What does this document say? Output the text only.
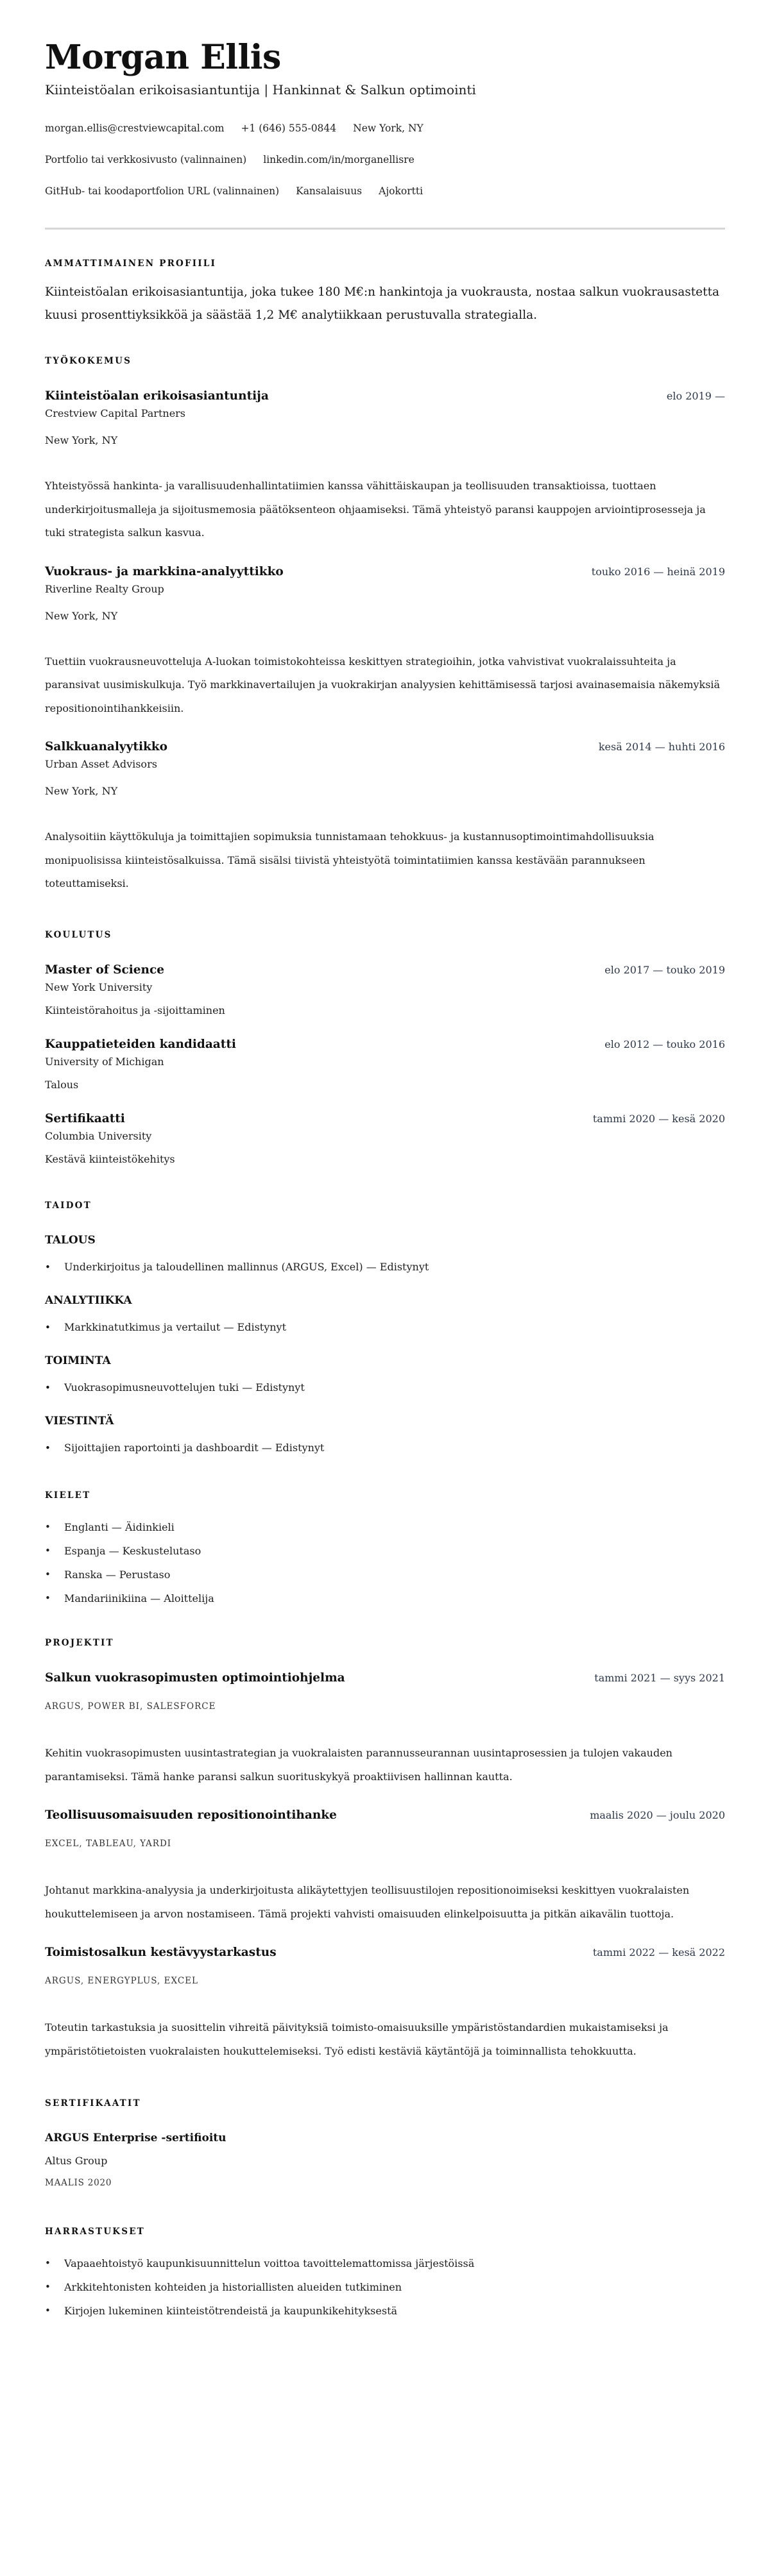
Morgan Ellis
Kiinteistöalan erikoisasiantuntija | Hankinnat & Salkun optimointi
morgan.ellis@crestviewcapital.com +1 (646) 555-0844 New York, NY
Portfolio tai verkkosivusto (valinnainen) linkedin.com/in/morganellisre
GitHub- tai koodaportfolion URL (valinnainen) Kansalaisuus Ajokortti
AMMATTIMAINEN PROFIILI

Kiinteistöalan erikoisasiantuntija, joka tukee 180 M€:n hankintoja ja vuokrausta, nostaa salkun vuokrausastetta kuusi prosenttiyksikköä ja säästää 1,2 M€ analytiikkaan perustuvalla strategialla.

TYÖKOKEMUS
Kiinteistöalan erikoisasiantuntija	elo 2019 —
Crestview Capital Partners
New York, NY

Yhteistyössä hankinta- ja varallisuudenhallintatiimien kanssa vähittäiskaupan ja teollisuuden transaktioissa, tuottaen underkirjoitusmalleja ja sijoitusmemosia päätöksenteon ohjaamiseksi. Tämä yhteistyö paransi kauppojen arviointiprosesseja ja tuki strategista salkun kasvua.

Vuokraus- ja markkina-analyyttikko	touko 2016 — heinä 2019
Riverline Realty Group
New York, NY

Tuettiin vuokrausneuvotteluja A-luokan toimistokohteissa keskittyen strategioihin, jotka vahvistivat vuokralaissuhteita ja paransivat uusimiskulkuja. Työ markkinavertailujen ja vuokrakirjan analyysien kehittämisessä tarjosi avainasemaisia näkemyksiä repositionointihankkeisiin.

Salkkuanalyytikko	kesä 2014 — huhti 2016
Urban Asset Advisors
New York, NY

Analysoitiin käyttökuluja ja toimittajien sopimuksia tunnistamaan tehokkuus- ja kustannusoptimointimahdollisuuksia monipuolisissa kiinteistösalkuissa. Tämä sisälsi tiivistä yhteistyötä toimintatiimien kanssa kestävään parannukseen toteuttamiseksi.

KOULUTUS
Master of Science	elo 2017 — touko 2019
New York University
Kiinteistörahoitus ja -sijoittaminen
Kauppatieteiden kandidaatti	elo 2012 — touko 2016
University of Michigan
Talous
Sertifikaatti	tammi 2020 — kesä 2020
Columbia University
Kestävä kiinteistökehitys
TAIDOT
TALOUS
• Underkirjoitus ja taloudellinen mallinnus (ARGUS, Excel) — Edistynyt
ANALYTIIKKA
• Markkinatutkimus ja vertailut — Edistynyt
TOIMINTA
• Vuokrasopimusneuvottelujen tuki — Edistynyt
VIESTINTÄ
• Sijoittajien raportointi ja dashboardit — Edistynyt
KIELET
• Englanti — Äidinkieli
• Espanja — Keskustelutaso
• Ranska — Perustaso
• Mandariinikiina — Aloittelija
PROJEKTIT
Salkun vuokrasopimusten optimointiohjelma	tammi 2021 — syys 2021
ARGUS, POWER BI, SALESFORCE

Kehitin vuokrasopimusten uusintastrategian ja vuokralaisten parannusseurannan uusintaprosessien ja tulojen vakauden parantamiseksi. Tämä hanke paransi salkun suorituskykyä proaktiivisen hallinnan kautta.

Teollisuusomaisuuden repositionointihanke	maalis 2020 — joulu 2020
EXCEL, TABLEAU, YARDI

Johtanut markkina-analyysia ja underkirjoitusta alikäytettyjen teollisuustilojen repositionoimiseksi keskittyen vuokralaisten houkuttelemiseen ja arvon nostamiseen. Tämä projekti vahvisti omaisuuden elinkelpoisuutta ja pitkän aikavälin tuottoja.

Toimistosalkun kestävyystarkastus	tammi 2022 — kesä 2022
ARGUS, ENERGYPLUS, EXCEL

Toteutin tarkastuksia ja suosittelin vihreitä päivityksiä toimisto-omaisuuksille ympäristöstandardien mukaistamiseksi ja ympäristötietoisten vuokralaisten houkuttelemiseksi. Työ edisti kestäviä käytäntöjä ja toiminnallista tehokkuutta.

SERTIFIKAATIT
ARGUS Enterprise -sertifioitu
Altus Group
MAALIS 2020
HARRASTUKSET
• Vapaaehtoistyö kaupunkisuunnittelun voittoa tavoittelemattomissa järjestöissä
• Arkkitehtonisten kohteiden ja historiallisten alueiden tutkiminen
• Kirjojen lukeminen kiinteistötrendeistä ja kaupunkikehityksestä
